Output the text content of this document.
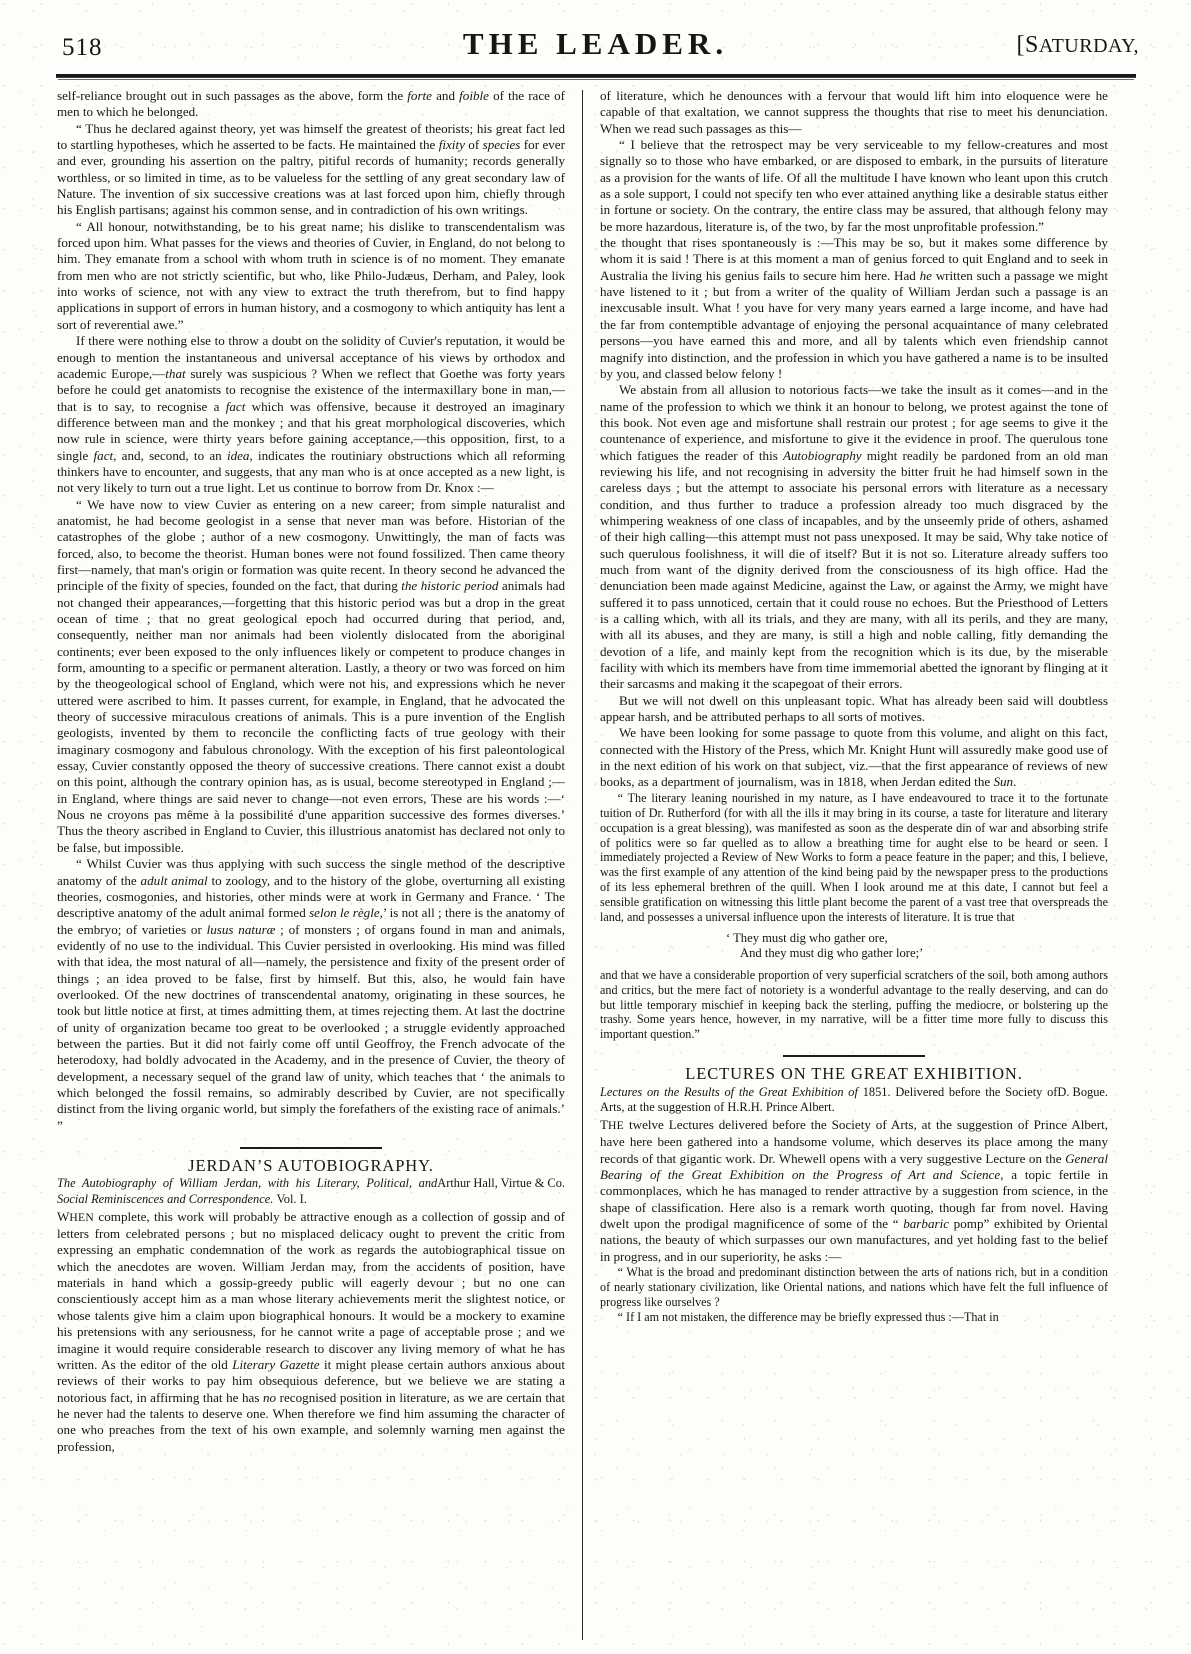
518	THE LEADER.	[SATURDAY,

self-reliance brought out in such passages as the above, form the forte and foible of the race of men to which he belonged.

“ Thus he declared against theory, yet was himself the greatest of theorists; his great fact led to startling hypotheses, which he asserted to be facts. He maintained the fixity of species for ever and ever, grounding his assertion on the paltry, pitiful records of humanity; records generally worthless, or so limited in time, as to be valueless for the settling of any great secondary law of Nature. The invention of six successive creations was at last forced upon him, chiefly through his English partisans; against his common sense, and in contradiction of his own writings.

“ All honour, notwithstanding, be to his great name; his dislike to transcendentalism was forced upon him. What passes for the views and theories of Cuvier, in England, do not belong to him. They emanate from a school with whom truth in science is of no moment. They emanate from men who are not strictly scientific, but who, like Philo-Judæus, Derham, and Paley, look into works of science, not with any view to extract the truth therefrom, but to find happy applications in support of errors in human history, and a cosmogony to which antiquity has lent a sort of reverential awe.”

If there were nothing else to throw a doubt on the solidity of Cuvier's reputation, it would be enough to mention the instantaneous and universal acceptance of his views by orthodox and academic Europe,—that surely was suspicious ? When we reflect that Goethe was forty years before he could get anatomists to recognise the existence of the intermaxillary bone in man,—that is to say, to recognise a fact which was offensive, because it destroyed an imaginary difference between man and the monkey ; and that his great morphological discoveries, which now rule in science, were thirty years before gaining acceptance,—this opposition, first, to a single fact, and, second, to an idea, indicates the routiniary obstructions which all reforming thinkers have to encounter, and suggests, that any man who is at once accepted as a new light, is not very likely to turn out a true light. Let us continue to borrow from Dr. Knox :—

“ We have now to view Cuvier as entering on a new career; from simple naturalist and anatomist, he had become geologist in a sense that never man was before. Historian of the catastrophes of the globe ; author of a new cosmogony. Unwittingly, the man of facts was forced, also, to become the theorist. Human bones were not found fossilized. Then came theory first—namely, that man's origin or formation was quite recent. In theory second he advanced the principle of the fixity of species, founded on the fact, that during the historic period animals had not changed their appearances,—forgetting that this historic period was but a drop in the great ocean of time ; that no great geological epoch had occurred during that period, and, consequently, neither man nor animals had been violently dislocated from the aboriginal continents; ever been exposed to the only influences likely or competent to produce changes in form, amounting to a specific or permanent alteration. Lastly, a theory or two was forced on him by the theogeological school of England, which were not his, and expressions which he never uttered were ascribed to him. It passes current, for example, in England, that he advocated the theory of successive miraculous creations of animals. This is a pure invention of the English geologists, invented by them to reconcile the conflicting facts of true geology with their imaginary cosmogony and fabulous chronology. With the exception of his first paleontological essay, Cuvier constantly opposed the theory of successive creations. There cannot exist a doubt on this point, although the contrary opinion has, as is usual, become stereotyped in England ;—in England, where things are said never to change—not even errors, These are his words :—‘ Nous ne croyons pas même à la possibilité d'une apparition successive des formes diverses.’ Thus the theory ascribed in England to Cuvier, this illustrious anatomist has declared not only to be false, but impossible.

“ Whilst Cuvier was thus applying with such success the single method of the descriptive anatomy of the adult animal to zoology, and to the history of the globe, overturning all existing theories, cosmogonies, and histories, other minds were at work in Germany and France. ‘ The descriptive anatomy of the adult animal formed selon le règle,’ is not all ; there is the anatomy of the embryo; of varieties or lusus naturæ ; of monsters ; of organs found in man and animals, evidently of no use to the individual. This Cuvier persisted in overlooking. His mind was filled with that idea, the most natural of all—namely, the persistence and fixity of the present order of things ; an idea proved to be false, first by himself. But this, also, he would fain have overlooked. Of the new doctrines of transcendental anatomy, originating in these sources, he took but little notice at first, at times admitting them, at times rejecting them. At last the doctrine of unity of organization became too great to be overlooked ; a struggle evidently approached between the parties. But it did not fairly come off until Geoffroy, the French advocate of the heterodoxy, had boldly advocated in the Academy, and in the presence of Cuvier, the theory of development, a necessary sequel of the grand law of unity, which teaches that ‘ the animals to which belonged the fossil remains, so admirably described by Cuvier, are not specifically distinct from the living organic world, but simply the forefathers of the existing race of animals.’ ”

JERDAN’S AUTOBIOGRAPHY.

Arthur Hall, Virtue & Co.
The Autobiography of William Jerdan, with his Literary, Political, and Social Reminiscences and Correspondence. Vol. I.

WHEN complete, this work will probably be attractive enough as a collection of gossip and of letters from celebrated persons ; but no misplaced delicacy ought to prevent the critic from expressing an emphatic condemnation of the work as regards the autobiographical tissue on which the anecdotes are woven. William Jerdan may, from the accidents of position, have materials in hand which a gossip-greedy public will eagerly devour ; but no one can conscientiously accept him as a man whose literary achievements merit the slightest notice, or whose talents give him a claim upon biographical honours. It would be a mockery to examine his pretensions with any seriousness, for he cannot write a page of acceptable prose ; and we imagine it would require considerable research to discover any living memory of what he has written. As the editor of the old Literary Gazette it might please certain authors anxious about reviews of their works to pay him obsequious deference, but we believe we are stating a notorious fact, in affirming that he has no recognised position in literature, as we are certain that he never had the talents to deserve one. When therefore we find him assuming the character of one who preaches from the text of his own example, and solemnly warning men against the profession,

of literature, which he denounces with a fervour that would lift him into eloquence were he capable of that exaltation, we cannot suppress the thoughts that rise to meet his denunciation. When we read such passages as this—

“ I believe that the retrospect may be very serviceable to my fellow-creatures and most signally so to those who have embarked, or are disposed to embark, in the pursuits of literature as a provision for the wants of life. Of all the multitude I have known who leant upon this crutch as a sole support, I could not specify ten who ever attained anything like a desirable status either in fortune or society. On the contrary, the entire class may be assured, that although felony may be more hazardous, literature is, of the two, by far the most unprofitable profession.”

the thought that rises spontaneously is :—This may be so, but it makes some difference by whom it is said ! There is at this moment a man of genius forced to quit England and to seek in Australia the living his genius fails to secure him here. Had he written such a passage we might have listened to it ; but from a writer of the quality of William Jerdan such a passage is an inexcusable insult. What ! you have for very many years earned a large income, and have had the far from contemptible advantage of enjoying the personal acquaintance of many celebrated persons—you have earned this and more, and all by talents which even friendship cannot magnify into distinction, and the profession in which you have gathered a name is to be insulted by you, and classed below felony !

We abstain from all allusion to notorious facts—we take the insult as it comes—and in the name of the profession to which we think it an honour to belong, we protest against the tone of this book. Not even age and misfortune shall restrain our protest ; for age seems to give it the countenance of experience, and misfortune to give it the evidence in proof. The querulous tone which fatigues the reader of this Autobiography might readily be pardoned from an old man reviewing his life, and not recognising in adversity the bitter fruit he had himself sown in the careless days ; but the attempt to associate his personal errors with literature as a necessary condition, and thus further to traduce a profession already too much disgraced by the whimpering weakness of one class of incapables, and by the unseemly pride of others, ashamed of their high calling—this attempt must not pass unexposed. It may be said, Why take notice of such querulous foolishness, it will die of itself? But it is not so. Literature already suffers too much from want of the dignity derived from the consciousness of its high office. Had the denunciation been made against Medicine, against the Law, or against the Army, we might have suffered it to pass unnoticed, certain that it could rouse no echoes. But the Priesthood of Letters is a calling which, with all its trials, and they are many, with all its perils, and they are many, with all its abuses, and they are many, is still a high and noble calling, fitly demanding the devotion of a life, and mainly kept from the recognition which is its due, by the miserable facility with which its members have from time immemorial abetted the ignorant by flinging at it their sarcasms and making it the scapegoat of their errors.

But we will not dwell on this unpleasant topic. What has already been said will doubtless appear harsh, and be attributed perhaps to all sorts of motives.

We have been looking for some passage to quote from this volume, and alight on this fact, connected with the History of the Press, which Mr. Knight Hunt will assuredly make good use of in the next edition of his work on that subject, viz.—that the first appearance of reviews of new books, as a department of journalism, was in 1818, when Jerdan edited the Sun.

“ The literary leaning nourished in my nature, as I have endeavoured to trace it to the fortunate tuition of Dr. Rutherford (for with all the ills it may bring in its course, a taste for literature and literary occupation is a great blessing), was manifested as soon as the desperate din of war and absorbing strife of politics were so far quelled as to allow a breathing time for aught else to be heard or seen. I immediately projected a Review of New Works to form a peace feature in the paper; and this, I believe, was the first example of any attention of the kind being paid by the newspaper press to the productions of its less ephemeral brethren of the quill. When I look around me at this date, I cannot but feel a sensible gratification on witnessing this little plant become the parent of a vast tree that overspreads the land, and possesses a universal influence upon the interests of literature. It is true that

‘ They must dig who gather ore,
And they must dig who gather lore;’

and that we have a considerable proportion of very superficial scratchers of the soil, both among authors and critics, but the mere fact of notoriety is a wonderful advantage to the really deserving, and can do but little temporary mischief in keeping back the sterling, puffing the mediocre, or bolstering up the trashy. Some years hence, however, in my narrative, will be a fitter time more fully to discuss this important question.”

LECTURES ON THE GREAT EXHIBITION.

D. Bogue.
Lectures on the Results of the Great Exhibition of 1851. Delivered before the Society of Arts, at the suggestion of H.R.H. Prince Albert.

THE twelve Lectures delivered before the Society of Arts, at the suggestion of Prince Albert, have here been gathered into a handsome volume, which deserves its place among the many records of that gigantic work. Dr. Whewell opens with a very suggestive Lecture on the General Bearing of the Great Exhibition on the Progress of Art and Science, a topic fertile in commonplaces, which he has managed to render attractive by a suggestion from science, in the shape of classification. Here also is a remark worth quoting, though far from novel. Having dwelt upon the prodigal magnificence of some of the “ barbaric pomp” exhibited by Oriental nations, the beauty of which surpasses our own manufactures, and yet holding fast to the belief in progress, and in our superiority, he asks :—

“ What is the broad and predominant distinction between the arts of nations rich, but in a condition of nearly stationary civilization, like Oriental nations, and nations which have felt the full influence of progress like ourselves ?

“ If I am not mistaken, the difference may be briefly expressed thus :—That in
